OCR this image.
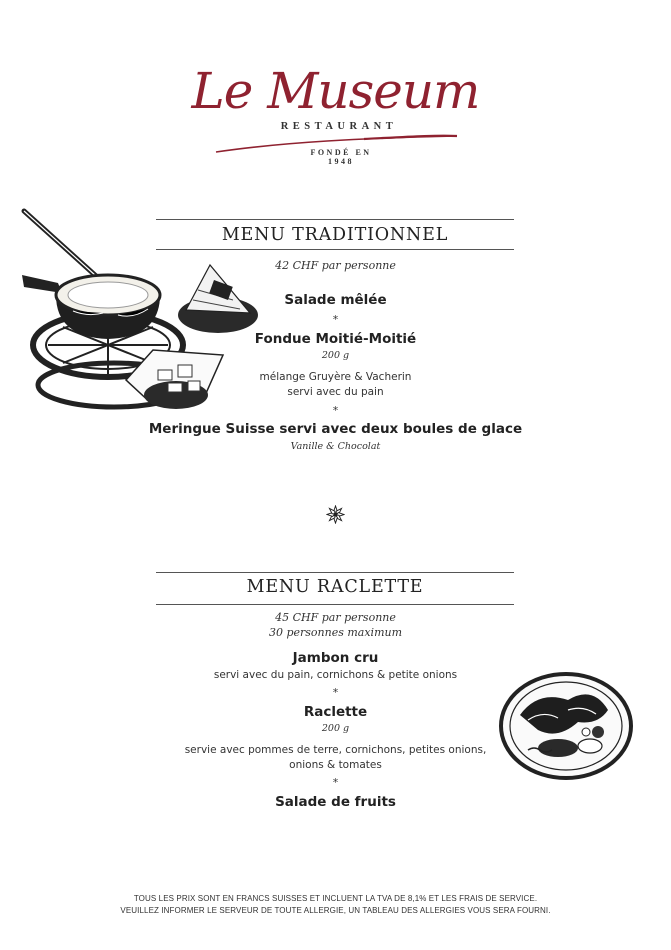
Le Museum
RESTAURANT
FONDÉ EN
1948
MENU TRADITIONNEL
42 CHF par personne
Salade mêlée
*
Fondue Moitié-Moitié
200 g
mélange Gruyère & Vacherin
servi avec du pain
*
Meringue Suisse servi avec deux boules de glace
Vanille & Chocolat
MENU RACLETTE
45 CHF par personne
30 personnes maximum
Jambon cru
servi avec du pain, cornichons & petite onions
*
Raclette
200 g
servie avec pommes de terre, cornichons, petites onions,
onions & tomates
*
Salade de fruits
TOUS LES PRIX SONT EN FRANCS SUISSES ET INCLUENT LA TVA DE 8,1% ET LES FRAIS DE SERVICE.
VEUILLEZ INFORMER LE SERVEUR DE TOUTE ALLERGIE, UN TABLEAU DES ALLERGIES VOUS SERA FOURNI.
